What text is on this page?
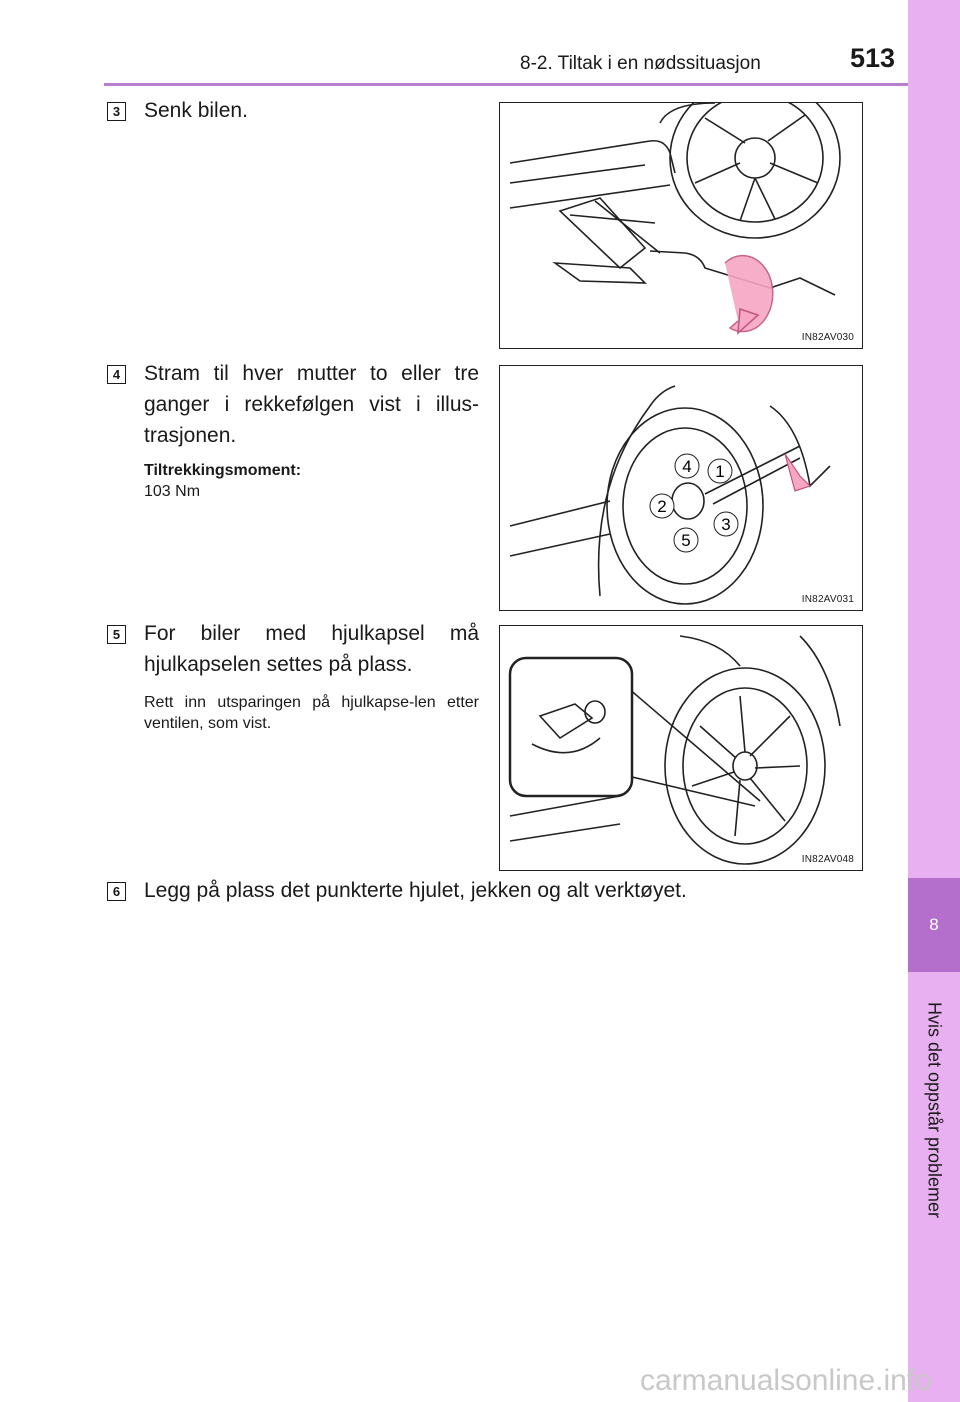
8-2. Tiltak i en nødssituasjon	513
8
Hvis det oppstår problemer
3 Senk bilen.
IN82AV030
4 Stram til hver mutter to eller tre ganger i rekkefølgen vist i illus-trasjonen.
Tiltrekkingsmoment:
103 Nm
1
2
3
4
5
IN82AV031
5 For biler med hjulkapsel må hjulkapselen settes på plass.
Rett inn utsparingen på hjulkapse-len etter ventilen, som vist.
IN82AV048
6 Legg på plass det punkterte hjulet, jekken og alt verktøyet.
carmanualsonline.info
